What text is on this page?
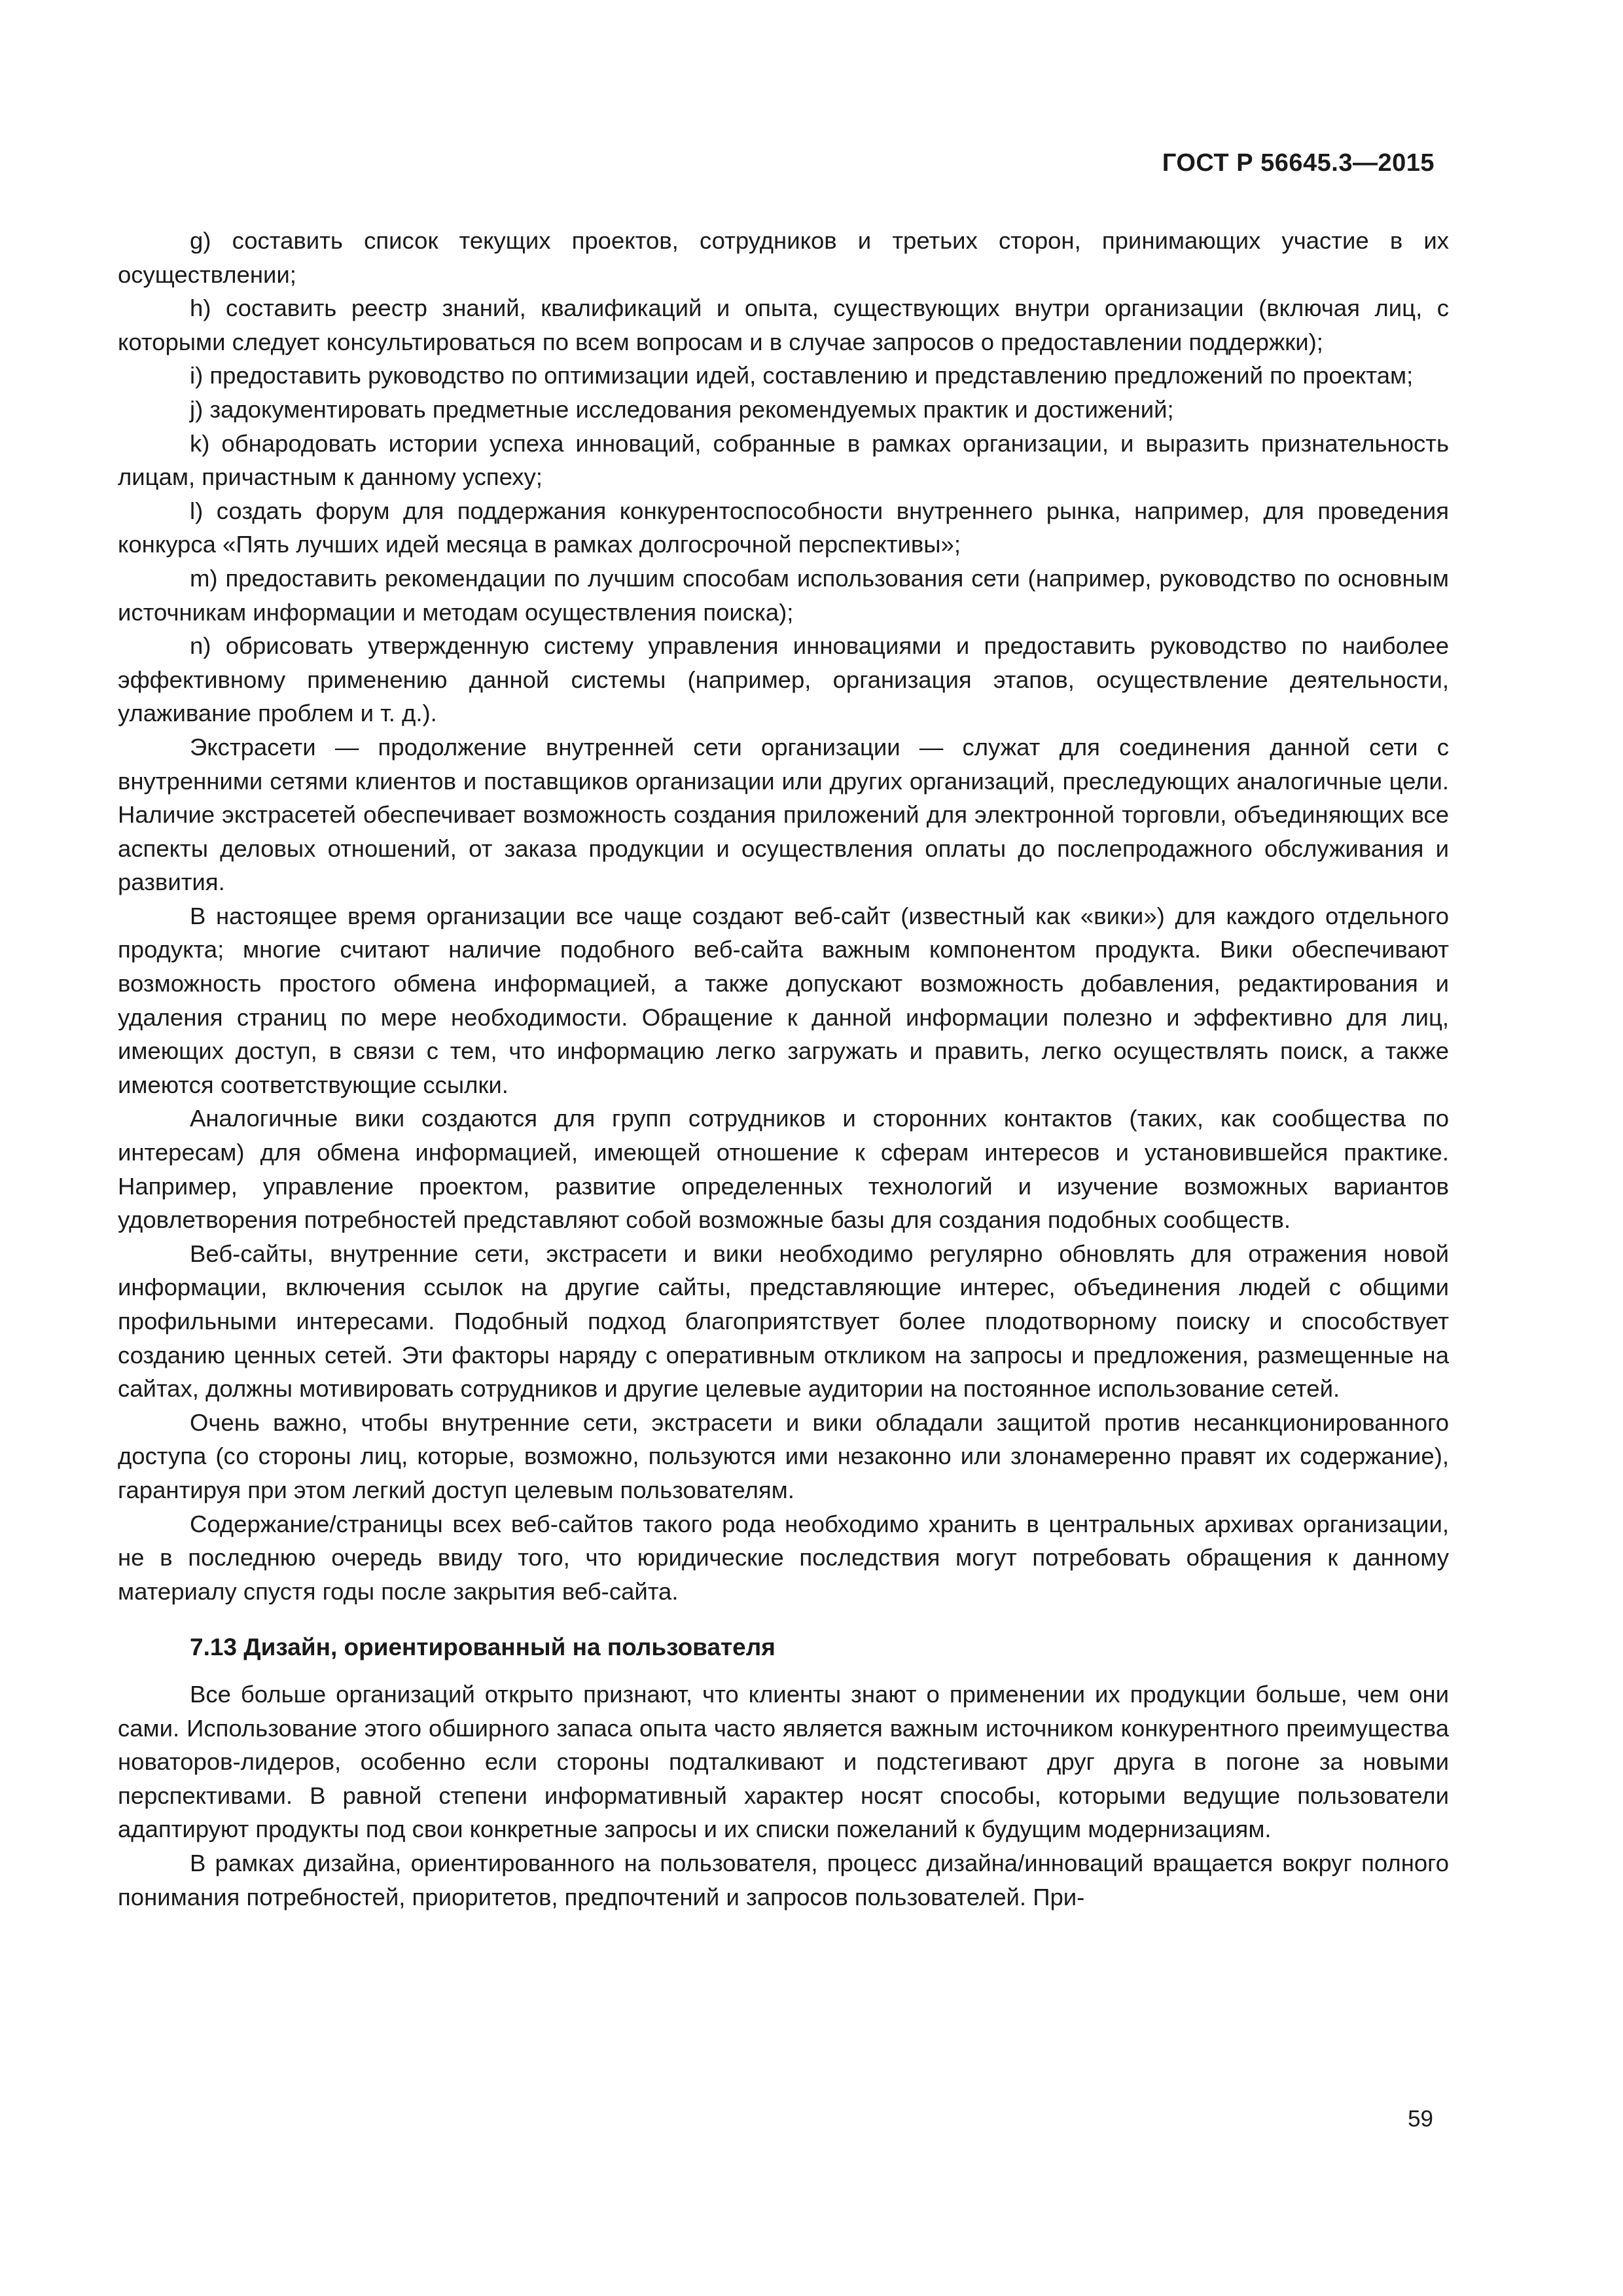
ГОСТ Р 56645.3—2015

g) составить список текущих проектов, сотрудников и третьих сторон, принимающих участие в их осуществлении;

h) составить реестр знаний, квалификаций и опыта, существующих внутри организации (включая лиц, с которыми следует консультироваться по всем вопросам и в случае запросов о предоставлении поддержки);

i) предоставить руководство по оптимизации идей, составлению и представлению предложений по проектам;

j) задокументировать предметные исследования рекомендуемых практик и достижений;

k) обнародовать истории успеха инноваций, собранные в рамках организации, и выразить признательность лицам, причастным к данному успеху;

l) создать форум для поддержания конкурентоспособности внутреннего рынка, например, для проведения конкурса «Пять лучших идей месяца в рамках долгосрочной перспективы»;

m) предоставить рекомендации по лучшим способам использования сети (например, руководство по основным источникам информации и методам осуществления поиска);

n) обрисовать утвержденную систему управления инновациями и предоставить руководство по наиболее эффективному применению данной системы (например, организация этапов, осуществление деятельности, улаживание проблем и т. д.).

Экстрасети — продолжение внутренней сети организации — служат для соединения данной сети с внутренними сетями клиентов и поставщиков организации или других организаций, преследующих аналогичные цели. Наличие экстрасетей обеспечивает возможность создания приложений для электронной торговли, объединяющих все аспекты деловых отношений, от заказа продукции и осуществления оплаты до послепродажного обслуживания и развития.

В настоящее время организации все чаще создают веб-сайт (известный как «вики») для каждого отдельного продукта; многие считают наличие подобного веб-сайта важным компонентом продукта. Вики обеспечивают возможность простого обмена информацией, а также допускают возможность добавления, редактирования и удаления страниц по мере необходимости. Обращение к данной информации полезно и эффективно для лиц, имеющих доступ, в связи с тем, что информацию легко загружать и править, легко осуществлять поиск, а также имеются соответствующие ссылки.

Аналогичные вики создаются для групп сотрудников и сторонних контактов (таких, как сообщества по интересам) для обмена информацией, имеющей отношение к сферам интересов и установившейся практике. Например, управление проектом, развитие определенных технологий и изучение возможных вариантов удовлетворения потребностей представляют собой возможные базы для создания подобных сообществ.

Веб-сайты, внутренние сети, экстрасети и вики необходимо регулярно обновлять для отражения новой информации, включения ссылок на другие сайты, представляющие интерес, объединения людей с общими профильными интересами. Подобный подход благоприятствует более плодотворному поиску и способствует созданию ценных сетей. Эти факторы наряду с оперативным откликом на запросы и предложения, размещенные на сайтах, должны мотивировать сотрудников и другие целевые аудитории на постоянное использование сетей.

Очень важно, чтобы внутренние сети, экстрасети и вики обладали защитой против несанкционированного доступа (со стороны лиц, которые, возможно, пользуются ими незаконно или злонамеренно правят их содержание), гарантируя при этом легкий доступ целевым пользователям.

Содержание/страницы всех веб-сайтов такого рода необходимо хранить в центральных архивах организации, не в последнюю очередь ввиду того, что юридические последствия могут потребовать обращения к данному материалу спустя годы после закрытия веб-сайта.

7.13 Дизайн, ориентированный на пользователя

Все больше организаций открыто признают, что клиенты знают о применении их продукции больше, чем они сами. Использование этого обширного запаса опыта часто является важным источником конкурентного преимущества новаторов-лидеров, особенно если стороны подталкивают и подстегивают друг друга в погоне за новыми перспективами. В равной степени информативный характер носят способы, которыми ведущие пользователи адаптируют продукты под свои конкретные запросы и их списки пожеланий к будущим модернизациям.

В рамках дизайна, ориентированного на пользователя, процесс дизайна/инноваций вращается вокруг полного понимания потребностей, приоритетов, предпочтений и запросов пользователей. При-

59
